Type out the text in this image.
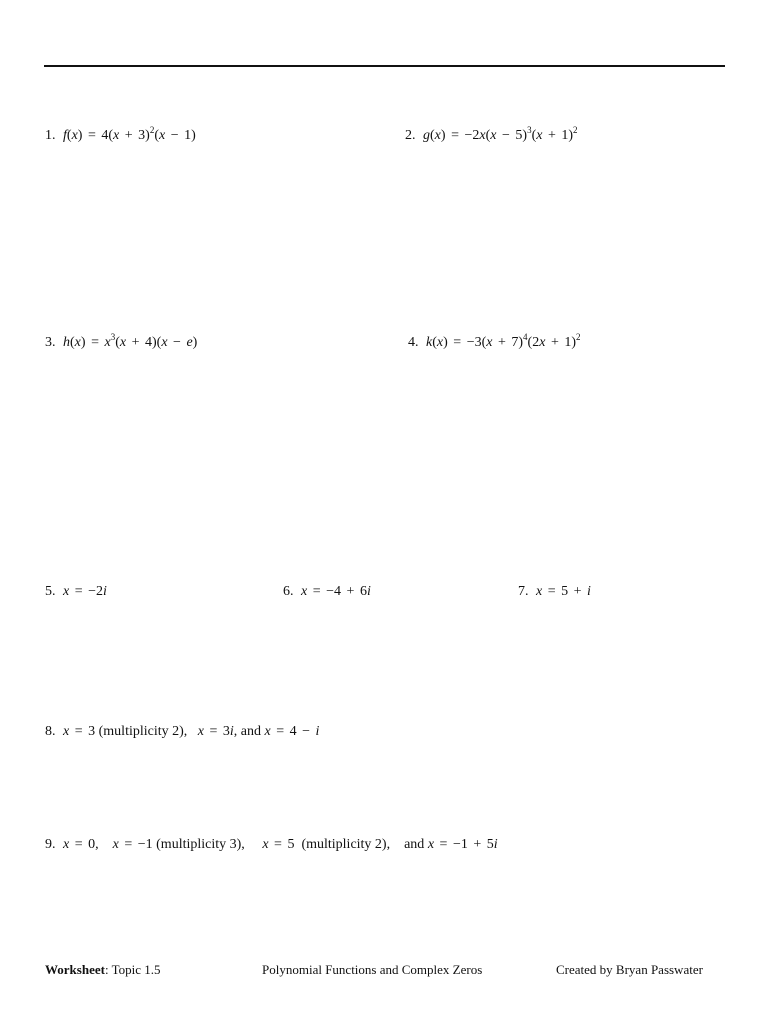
1. $f(x) = 4(x + 3)^2(x - 1)$	2. $g(x) = -2x(x - 5)^3(x + 1)^2$
3. $h(x) = x^3(x + 4)(x - e)$	4. $k(x) = -3(x + 7)^4(2x + 1)^2$
5. x = −2i	6. x = −4 + 6i	7. x = 5 + i
8. x = 3 (multiplicity 2),   x = 3i, and x = 4 − i
9. x = 0,    x = −1 (multiplicity 3),     x = 5  (multiplicity 2),    and x = −1 + 5i
Worksheet: Topic 1.5	Polynomial Functions and Complex Zeros	Created by Bryan Passwater
